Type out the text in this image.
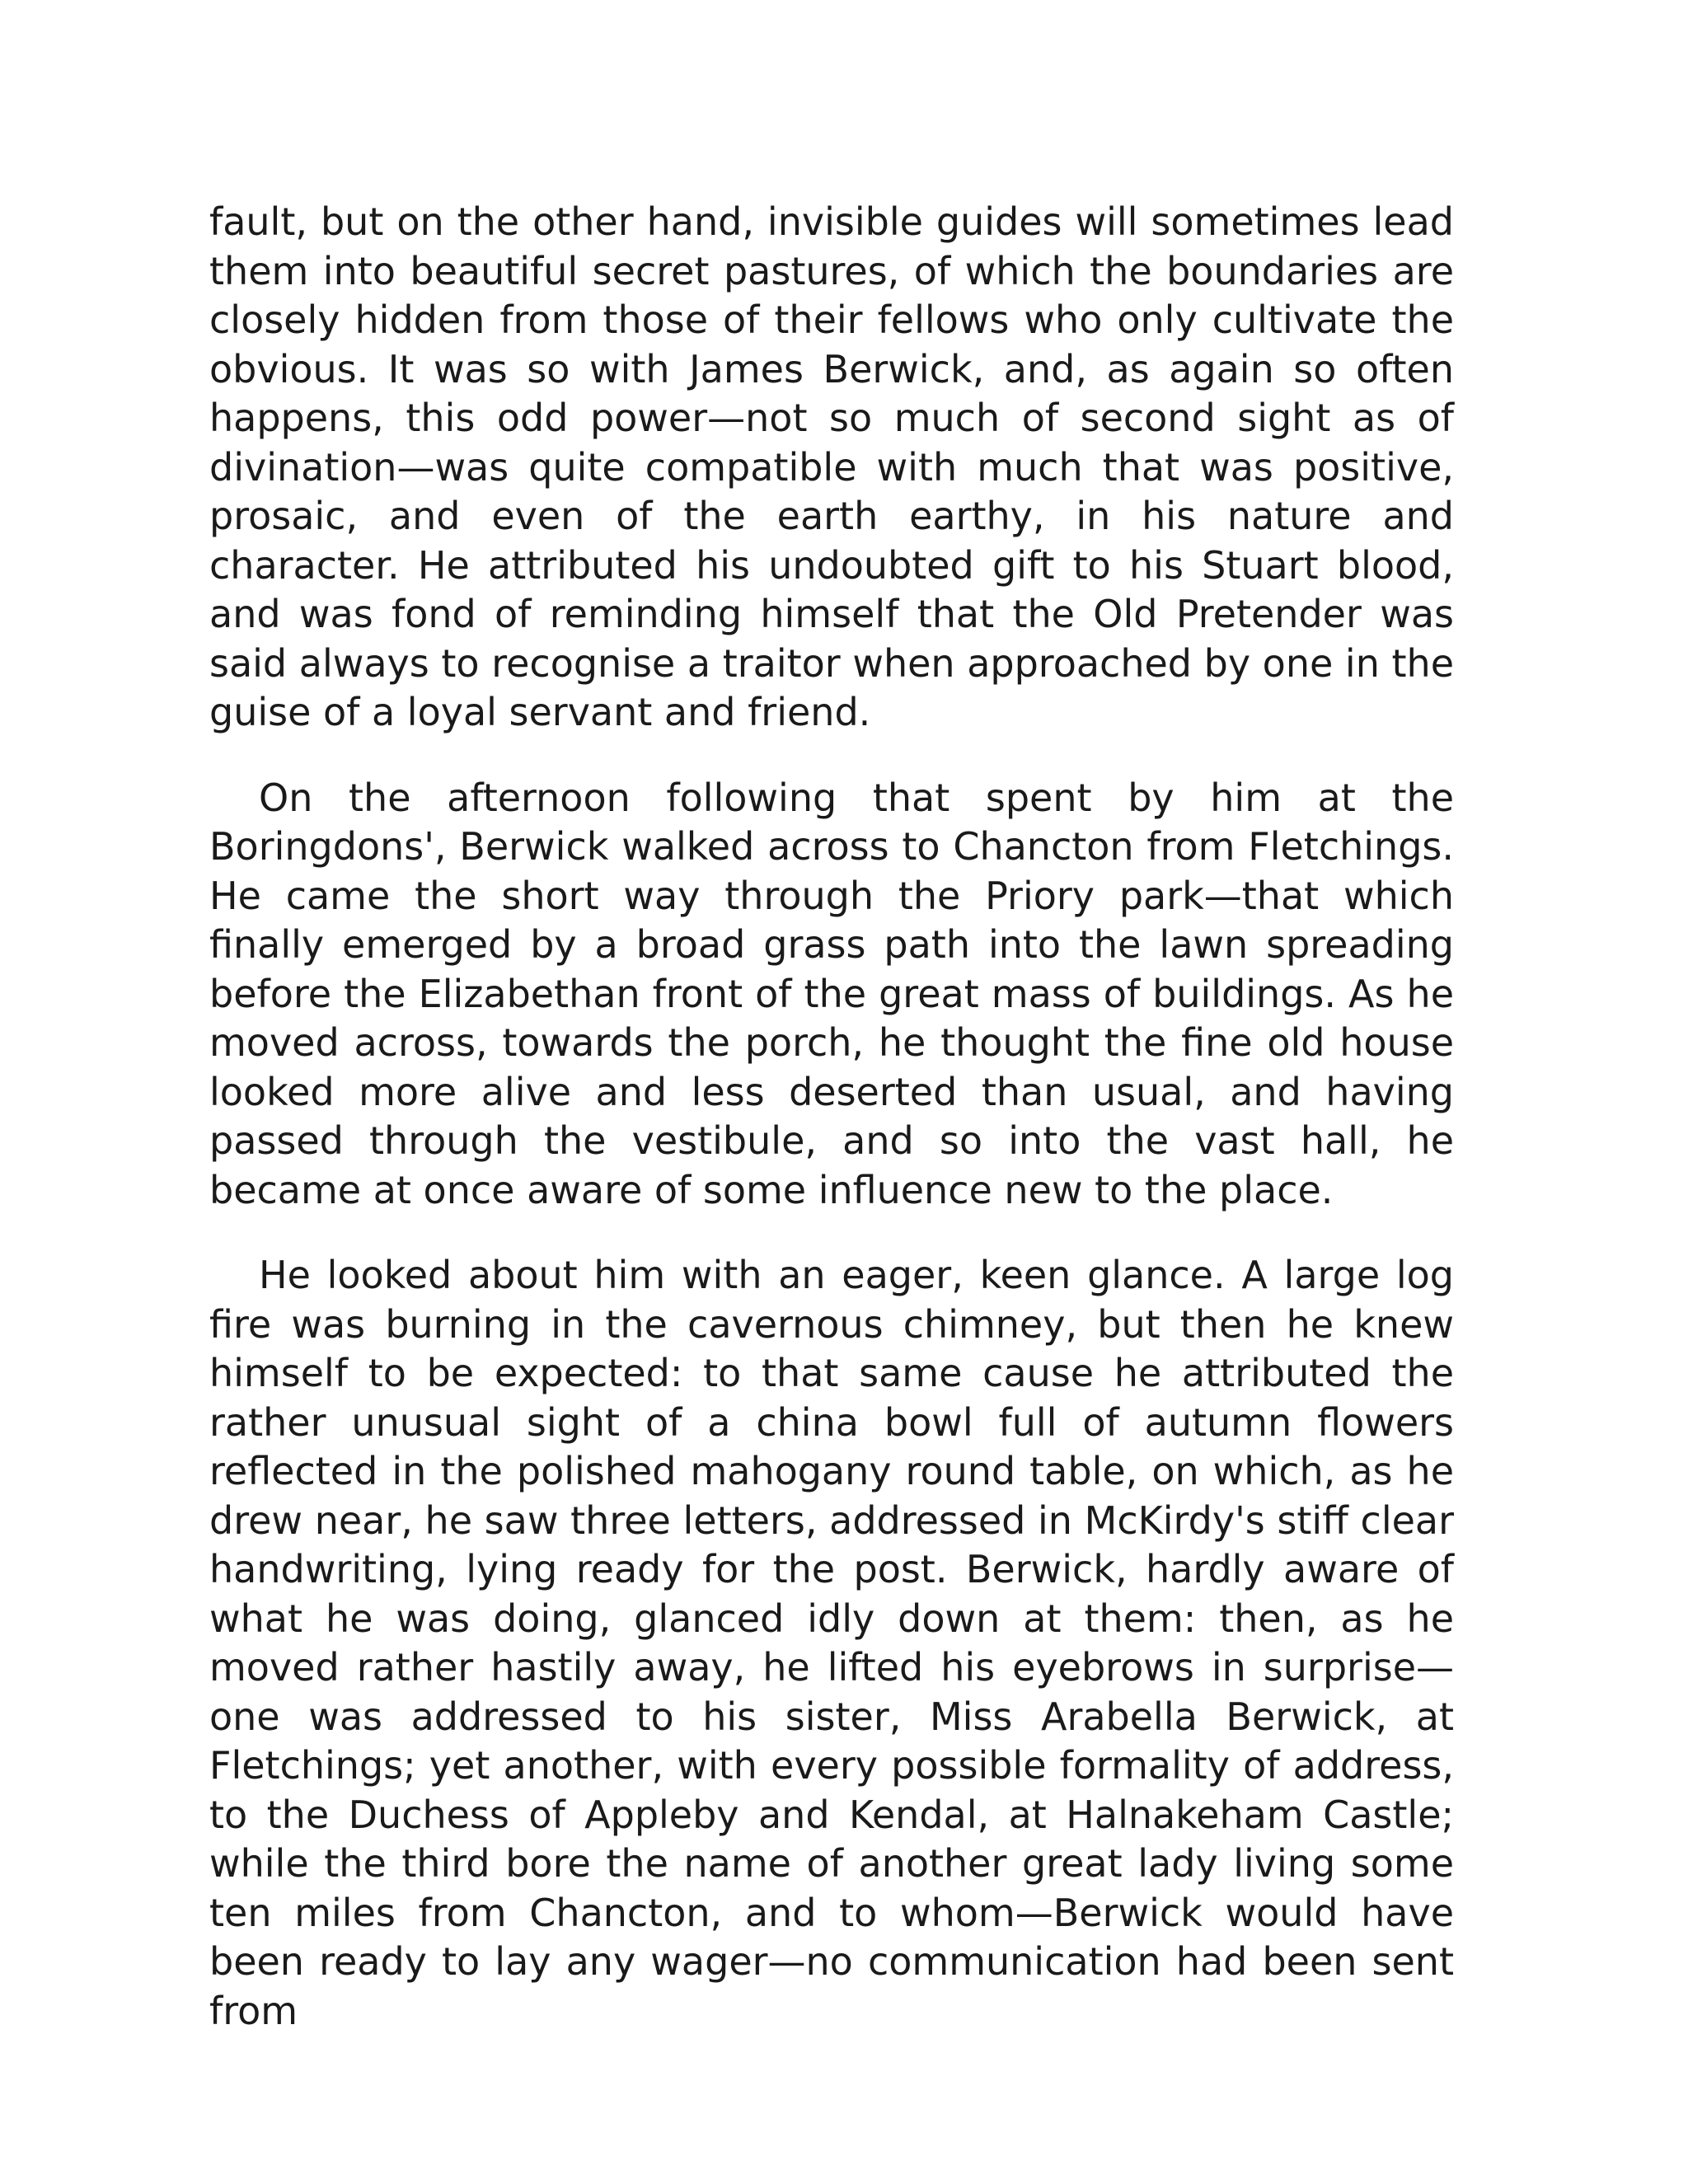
fault, but on the other hand, invisible guides will sometimes lead them into beautiful secret pastures, of which the boundaries are closely hidden from those of their fellows who only cultivate the obvious. It was so with James Berwick, and, as again so often happens, this odd power—not so much of second sight as of divination—was quite compatible with much that was positive, prosaic, and even of the earth earthy, in his nature and character. He attributed his undoubted gift to his Stuart blood, and was fond of reminding himself that the Old Pretender was said always to recognise a traitor when approached by one in the guise of a loyal servant and friend.

On the afternoon following that spent by him at the Boringdons', Berwick walked across to Chancton from Fletchings. He came the short way through the Priory park—that which finally emerged by a broad grass path into the lawn spreading before the Elizabethan front of the great mass of buildings. As he moved across, towards the porch, he thought the fine old house looked more alive and less deserted than usual, and having passed through the vestibule, and so into the vast hall, he became at once aware of some influence new to the place.

He looked about him with an eager, keen glance. A large log fire was burning in the cavernous chimney, but then he knew himself to be expected: to that same cause he attributed the rather unusual sight of a china bowl full of autumn flowers reflected in the polished mahogany round table, on which, as he drew near, he saw three letters, addressed in McKirdy's stiff clear handwriting, lying ready for the post. Berwick, hardly aware of what he was doing, glanced idly down at them: then, as he moved rather hastily away, he lifted his eyebrows in surprise—one was addressed to his sister, Miss Arabella Berwick, at Fletchings; yet another, with every possible formality of address, to the Duchess of Appleby and Kendal, at Halnakeham Castle; while the third bore the name of another great lady living some ten miles from Chancton, and to whom—Berwick would have been ready to lay any wager—no communication had been sent from
